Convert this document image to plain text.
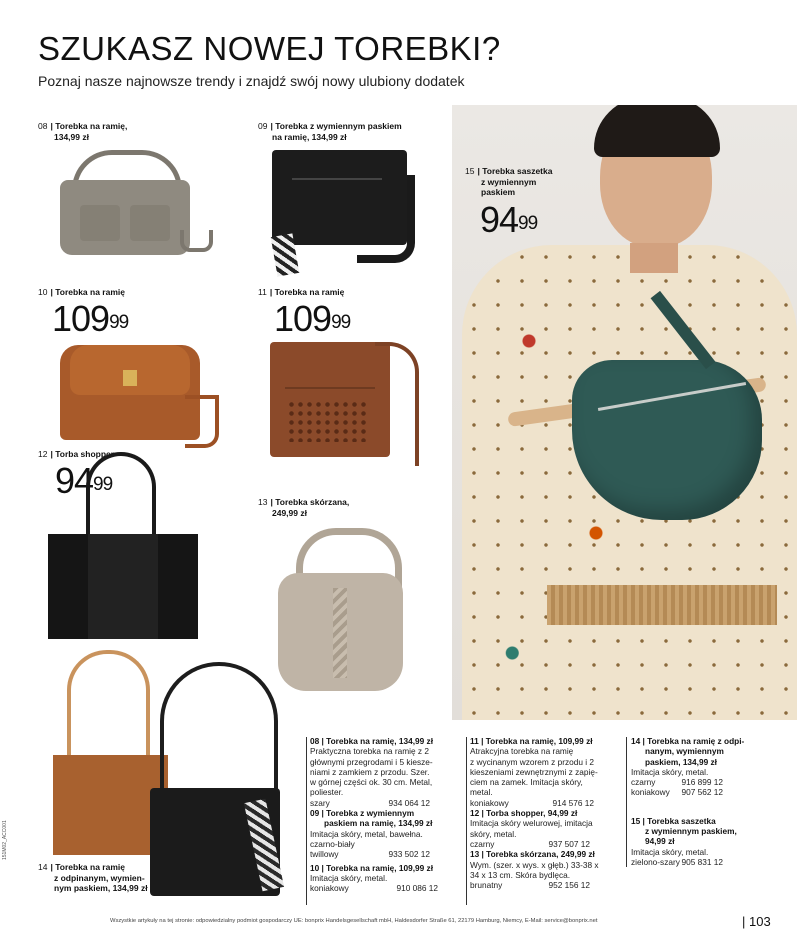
SZUKASZ NOWEJ TOREBKI?
Poznaj nasze najnowsze trendy i znajdź swój nowy ulubiony dodatek
08 | Torebka na ramię,
134,99 zł
09 | Torebka z wymiennym paskiem
na ramię, 134,99 zł
10 | Torebka na ramię
$109^{99}$
11 | Torebka na ramię
$109^{99}$
12 | Torba shopper
$94^{99}$
13 | Torebka skórzana,
249,99 zł
14 | Torebka na ramię
z odpinanym, wymien-
nym paskiem, 134,99 zł
15 | Torebka saszetka
z wymiennym
paskiem
$94^{99}$
08 | Torebka na ramię, 134,99 zł
Praktyczna torebka na ramię z 2
głównymi przegrodami i 5 kiesze-
niami z zamkiem z przodu. Szer.
w górnej części ok. 30 cm. Metal,
poliester.
szary	934 064 12
09 | Torebka z wymiennym
paskiem na ramię, 134,99 zł
Imitacja skóry, metal, bawełna.
czarno-biały
twillowy	933 502 12
10 | Torebka na ramię, 109,99 zł
Imitacja skóry, metal.
koniakowy	910 086 12
11 | Torebka na ramię, 109,99 zł
Atrakcyjna torebka na ramię
z wycinanym wzorem z przodu i 2
kieszeniami zewnętrznymi z zapię-
ciem na zamek. Imitacja skóry,
metal.
koniakowy	914 576 12
12 | Torba shopper, 94,99 zł
Imitacja skóry welurowej, imitacja
skóry, metal.
czarny	937 507 12
13 | Torebka skórzana, 249,99 zł
Wym. (szer. x wys. x głęb.) 33-38 x
34 x 13 cm. Skóra bydlęca.
brunatny	952 156 12
14 | Torebka na ramię z odpi-
nanym, wymiennym
paskiem, 134,99 zł
Imitacja skóry, metal.
czarny	916 899 12
koniakowy 907 562 12
15 | Torebka saszetka
z wymiennym paskiem,
94,99 zł
Imitacja skóry, metal.
zielono-szary 905 831 12
Wszystkie artykuły na tej stronie: odpowiedzialny podmiot gospodarczy UE: bonprix Handelsgesellschaft mbH, Haldesdorfer Straße 61, 22179 Hamburg, Niemcy, E-Mail: service@bonprix.net	| 103
151M02_ACC001
